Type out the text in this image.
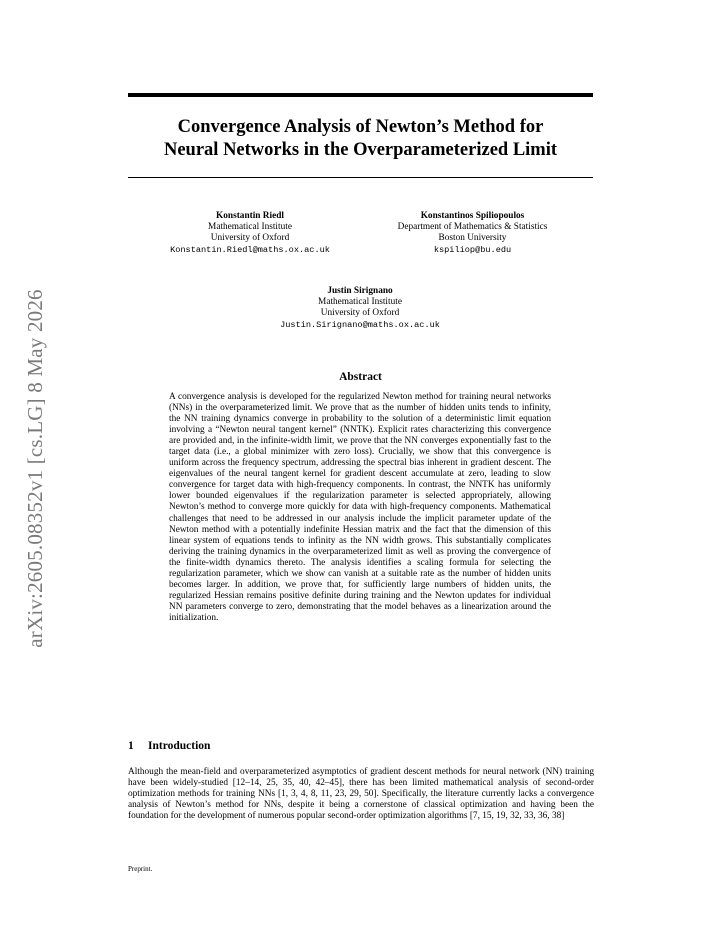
arXiv:2605.08352v1 [cs.LG] 8 May 2026
Convergence Analysis of Newton’s Method for
Neural Networks in the Overparameterized Limit
Konstantin Riedl
Mathematical Institute
University of Oxford
Konstantin.Riedl@maths.ox.ac.uk
Konstantinos Spiliopoulos
Department of Mathematics & Statistics
Boston University
kspiliop@bu.edu
Justin Sirignano
Mathematical Institute
University of Oxford
Justin.Sirignano@maths.ox.ac.uk
Abstract
A convergence analysis is developed for the regularized Newton method for training neural networks (NNs) in the overparameterized limit. We prove that as the number of hidden units tends to infinity, the NN training dynamics converge in probability to the solution of a deterministic limit equation involving a “Newton neural tangent kernel” (NNTK). Explicit rates characterizing this convergence are provided and, in the infinite-width limit, we prove that the NN converges exponentially fast to the target data (i.e., a global minimizer with zero loss). Crucially, we show that this convergence is uniform across the frequency spectrum, addressing the spectral bias inherent in gradient descent. The eigenvalues of the neural tangent kernel for gradient descent accumulate at zero, leading to slow convergence for target data with high-frequency components. In contrast, the NNTK has uniformly lower bounded eigenvalues if the regularization parameter is selected appropriately, allowing Newton’s method to converge more quickly for data with high-frequency components. Mathematical challenges that need to be addressed in our analysis include the implicit parameter update of the Newton method with a potentially indefinite Hessian matrix and the fact that the dimension of this linear system of equations tends to infinity as the NN width grows. This substantially complicates deriving the training dynamics in the overparameterized limit as well as proving the convergence of the finite-width dynamics thereto. The analysis identifies a scaling formula for selecting the regularization parameter, which we show can vanish at a suitable rate as the number of hidden units becomes larger. In addition, we prove that, for sufficiently large numbers of hidden units, the regularized Hessian remains positive definite during training and the Newton updates for individual NN parameters converge to zero, demonstrating that the model behaves as a linearization around the initialization.
1 Introduction
Although the mean-field and overparameterized asymptotics of gradient descent methods for neural network (NN) training have been widely-studied [12–14, 25, 35, 40, 42–45], there has been limited mathematical analysis of second-order optimization methods for training NNs [1, 3, 4, 8, 11, 23, 29, 50]. Specifically, the literature currently lacks a convergence analysis of Newton’s method for NNs, despite it being a cornerstone of classical optimization and having been the foundation for the development of numerous popular second-order optimization algorithms [7, 15, 19, 32, 33, 36, 38]
Preprint.
